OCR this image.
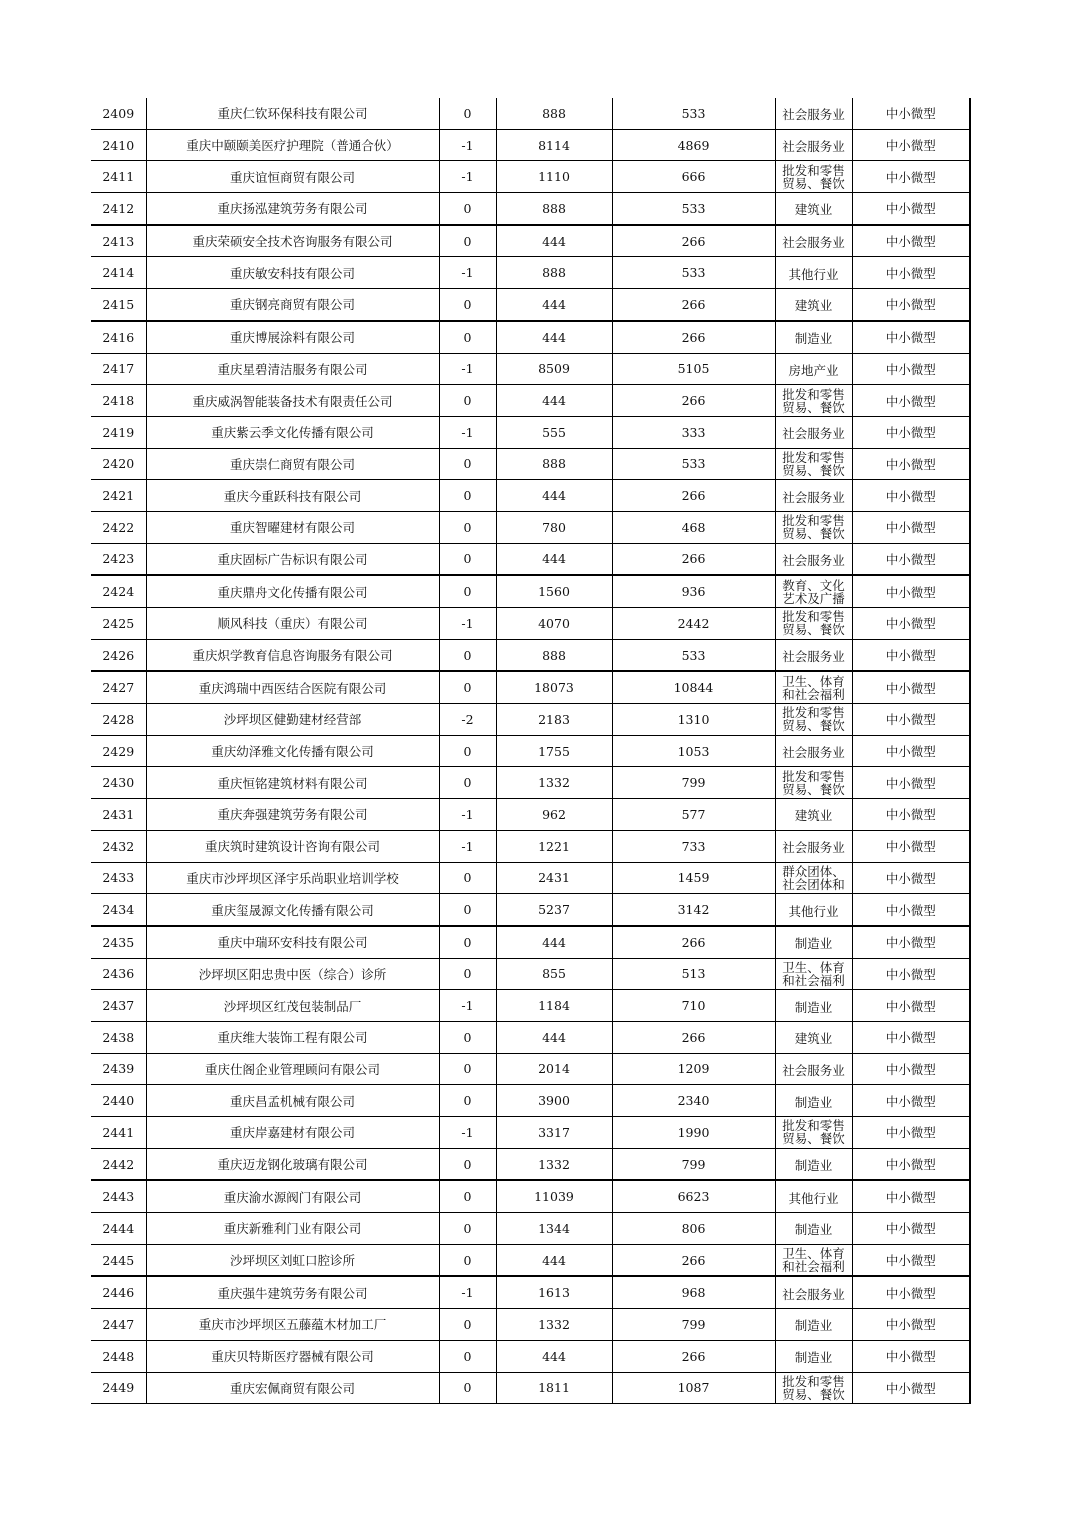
2409	重庆仁钦环保科技有限公司	0	888	533	社会服务业	中小微型
2410	重庆中颐颐美医疗护理院（普通合伙）	-1	8114	4869	社会服务业	中小微型
2411	重庆谊恒商贸有限公司	-1	1110	666	批发和零售贸易、餐饮	中小微型
2412	重庆扬泓建筑劳务有限公司	0	888	533	建筑业	中小微型
2413	重庆荣硕安全技术咨询服务有限公司	0	444	266	社会服务业	中小微型
2414	重庆敏安科技有限公司	-1	888	533	其他行业	中小微型
2415	重庆钢亮商贸有限公司	0	444	266	建筑业	中小微型
2416	重庆博展涂料有限公司	0	444	266	制造业	中小微型
2417	重庆星碧清洁服务有限公司	-1	8509	5105	房地产业	中小微型
2418	重庆威涡智能装备技术有限责任公司	0	444	266	批发和零售贸易、餐饮	中小微型
2419	重庆紫云季文化传播有限公司	-1	555	333	社会服务业	中小微型
2420	重庆崇仁商贸有限公司	0	888	533	批发和零售贸易、餐饮	中小微型
2421	重庆今重跃科技有限公司	0	444	266	社会服务业	中小微型
2422	重庆智曜建材有限公司	0	780	468	批发和零售贸易、餐饮	中小微型
2423	重庆固标广告标识有限公司	0	444	266	社会服务业	中小微型
2424	重庆鼎舟文化传播有限公司	0	1560	936	教育、文化艺术及广播	中小微型
2425	顺风科技（重庆）有限公司	-1	4070	2442	批发和零售贸易、餐饮	中小微型
2426	重庆炽学教育信息咨询服务有限公司	0	888	533	社会服务业	中小微型
2427	重庆鸿瑞中西医结合医院有限公司	0	18073	10844	卫生、体育和社会福利	中小微型
2428	沙坪坝区健勤建材经营部	-2	2183	1310	批发和零售贸易、餐饮	中小微型
2429	重庆幼泽雅文化传播有限公司	0	1755	1053	社会服务业	中小微型
2430	重庆恒铭建筑材料有限公司	0	1332	799	批发和零售贸易、餐饮	中小微型
2431	重庆奔强建筑劳务有限公司	-1	962	577	建筑业	中小微型
2432	重庆筑时建筑设计咨询有限公司	-1	1221	733	社会服务业	中小微型
2433	重庆市沙坪坝区泽宇乐尚职业培训学校	0	2431	1459	群众团体、社会团体和	中小微型
2434	重庆玺晟源文化传播有限公司	0	5237	3142	其他行业	中小微型
2435	重庆中瑞环安科技有限公司	0	444	266	制造业	中小微型
2436	沙坪坝区阳忠贵中医（综合）诊所	0	855	513	卫生、体育和社会福利	中小微型
2437	沙坪坝区红茂包装制品厂	-1	1184	710	制造业	中小微型
2438	重庆维大装饰工程有限公司	0	444	266	建筑业	中小微型
2439	重庆仕阁企业管理顾问有限公司	0	2014	1209	社会服务业	中小微型
2440	重庆昌孟机械有限公司	0	3900	2340	制造业	中小微型
2441	重庆岸嘉建材有限公司	-1	3317	1990	批发和零售贸易、餐饮	中小微型
2442	重庆迈龙钢化玻璃有限公司	0	1332	799	制造业	中小微型
2443	重庆渝水源阀门有限公司	0	11039	6623	其他行业	中小微型
2444	重庆新雅利门业有限公司	0	1344	806	制造业	中小微型
2445	沙坪坝区刘虹口腔诊所	0	444	266	卫生、体育和社会福利	中小微型
2446	重庆强牛建筑劳务有限公司	-1	1613	968	社会服务业	中小微型
2447	重庆市沙坪坝区五藤蕴木材加工厂	0	1332	799	制造业	中小微型
2448	重庆贝特斯医疗器械有限公司	0	444	266	制造业	中小微型
2449	重庆宏佩商贸有限公司	0	1811	1087	批发和零售贸易、餐饮	中小微型
